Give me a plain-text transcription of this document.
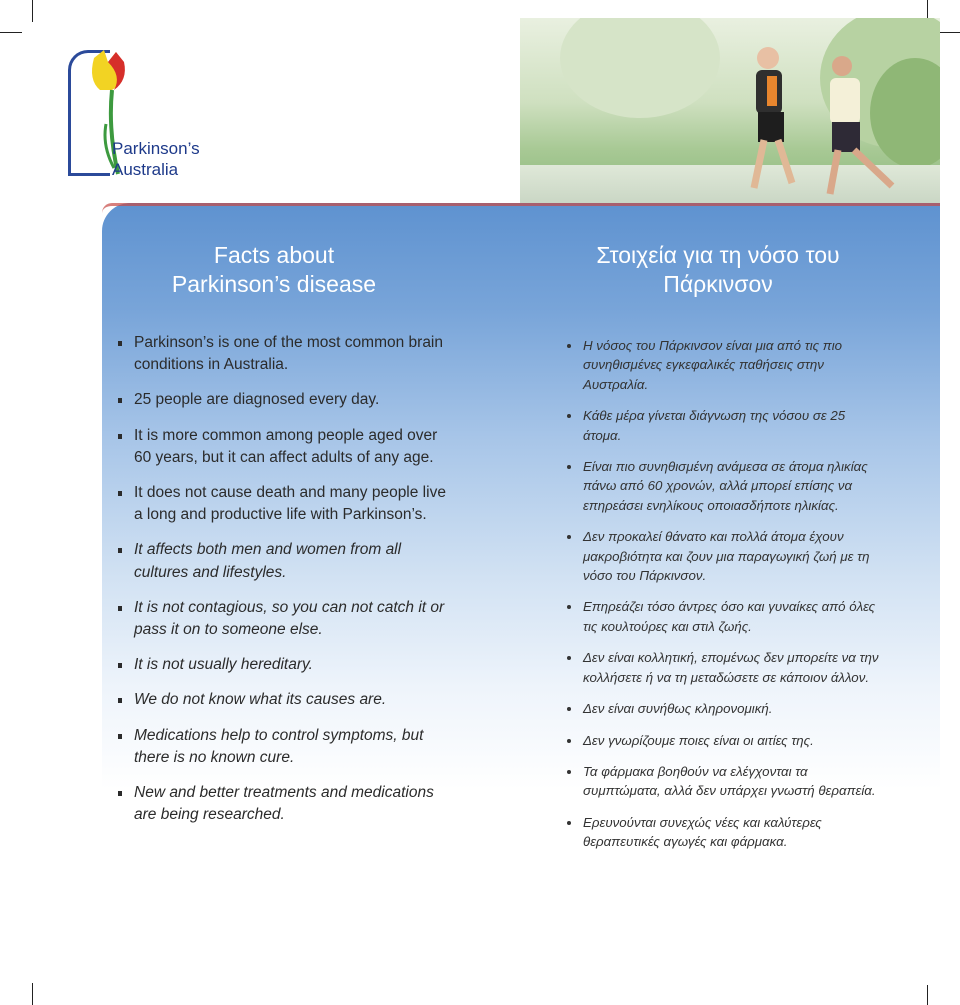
Parkinson’s
Australia
Facts about
Parkinson’s disease
Στοιχεία για τη νόσο του
Πάρκινσον
Parkinson’s is one of the most common brain conditions in Australia.
25 people are diagnosed every day.
It is more common among people aged over 60 years, but it can affect adults of any age.
It does not cause death and many people live a long and productive life with Parkinson’s.
It affects both men and women from all cultures and lifestyles.
It is not contagious, so you can not catch it or pass it on to someone else.
It is not usually hereditary.
We do not know what its causes are.
Medications help to control symptoms, but there is no known cure.
New and better treatments and medications are being researched.
Η νόσος του Πάρκινσον είναι μια από τις πιο συνηθισμένες εγκεφαλικές παθήσεις στην Αυστραλία.
Κάθε μέρα γίνεται διάγνωση της νόσου σε 25 άτομα.
Είναι πιο συνηθισμένη ανάμεσα σε άτομα ηλικίας πάνω από 60 χρονών, αλλά μπορεί επίσης να επηρεάσει ενηλίκους οποιασδήποτε ηλικίας.
Δεν προκαλεί θάνατο και πολλά άτομα έχουν μακροβιότητα και ζουν μια παραγωγική ζωή με τη νόσο του Πάρκινσον.
Επηρεάζει τόσο άντρες όσο και γυναίκες από όλες τις κουλτούρες και στιλ ζωής.
Δεν είναι κολλητική, επομένως δεν μπορείτε να την κολλήσετε ή να τη μεταδώσετε σε κάποιον άλλον.
Δεν είναι συνήθως κληρονομική.
Δεν γνωρίζουμε ποιες είναι οι αιτίες της.
Τα φάρμακα βοηθούν να ελέγχονται τα συμπτώματα, αλλά δεν υπάρχει γνωστή θεραπεία.
Ερευνούνται συνεχώς νέες και καλύτερες θεραπευτικές αγωγές και φάρμακα.
